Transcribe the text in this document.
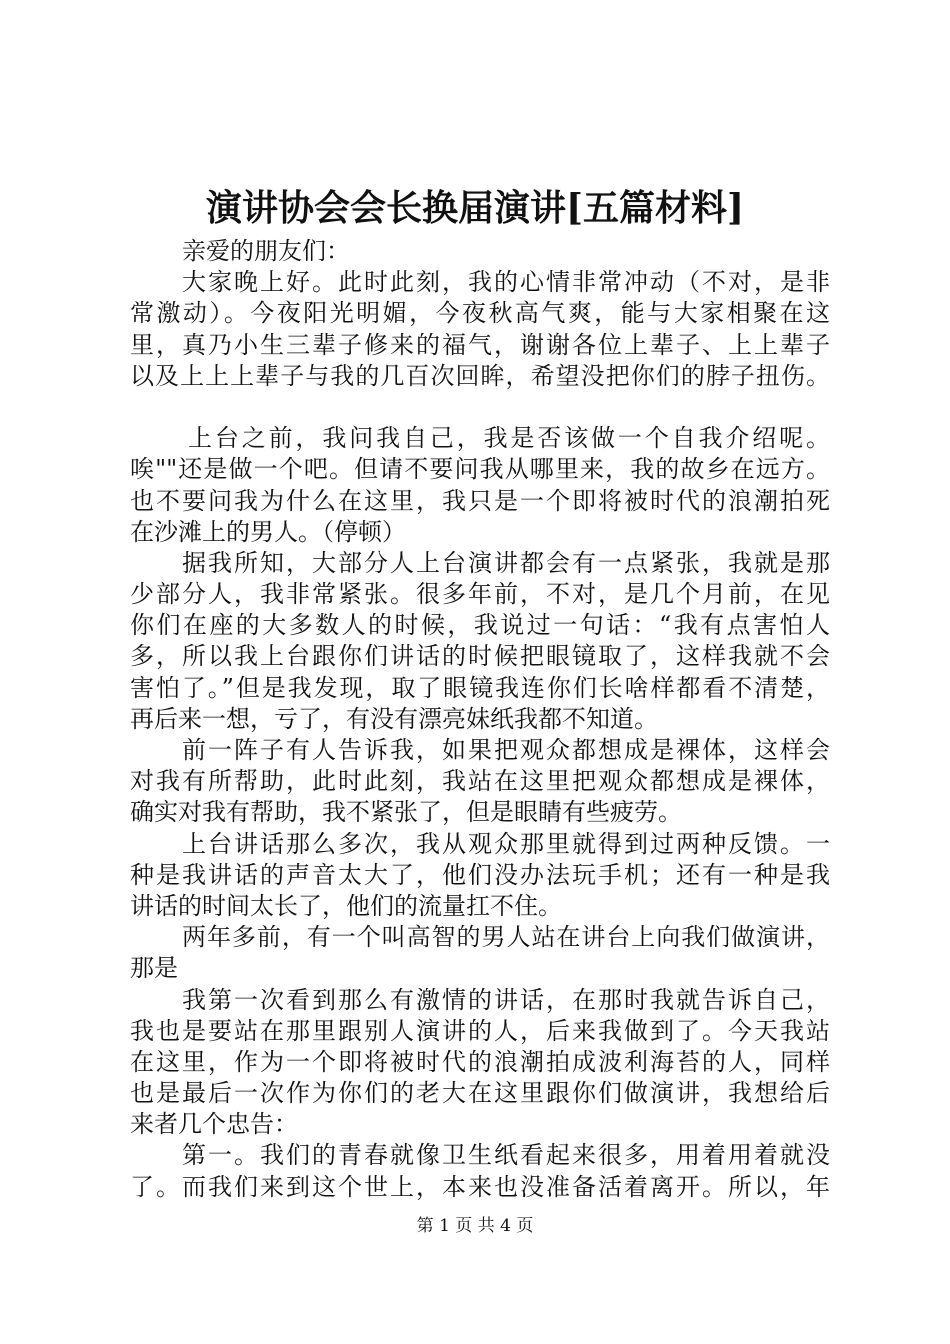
演讲协会会长换届演讲[五篇材料]
亲爱的朋友们：
大家晚上好。此时此刻，我的心情非常冲动（不对，是非
常激动）。今夜阳光明媚，今夜秋高气爽，能与大家相聚在这
里，真乃小生三辈子修来的福气，谢谢各位上辈子、上上辈子
以及上上上辈子与我的几百次回眸，希望没把你们的脖子扭伤。
上台之前，我问我自己，我是否该做一个自我介绍呢。
唉""还是做一个吧。但请不要问我从哪里来，我的故乡在远方。
也不要问我为什么在这里，我只是一个即将被时代的浪潮拍死
在沙滩上的男人。（停顿）
据我所知，大部分人上台演讲都会有一点紧张，我就是那
少部分人，我非常紧张。很多年前，不对，是几个月前，在见
你们在座的大多数人的时候，我说过一句话：“我有点害怕人
多，所以我上台跟你们讲话的时候把眼镜取了，这样我就不会
害怕了。”但是我发现，取了眼镜我连你们长啥样都看不清楚，
再后来一想，亏了，有没有漂亮妹纸我都不知道。
前一阵子有人告诉我，如果把观众都想成是裸体，这样会
对我有所帮助，此时此刻，我站在这里把观众都想成是裸体，
确实对我有帮助，我不紧张了，但是眼睛有些疲劳。
上台讲话那么多次，我从观众那里就得到过两种反馈。一
种是我讲话的声音太大了，他们没办法玩手机；还有一种是我
讲话的时间太长了，他们的流量扛不住。
两年多前，有一个叫高智的男人站在讲台上向我们做演讲，
那是
我第一次看到那么有激情的讲话，在那时我就告诉自己，
我也是要站在那里跟别人演讲的人，后来我做到了。今天我站
在这里，作为一个即将被时代的浪潮拍成波利海苔的人，同样
也是最后一次作为你们的老大在这里跟你们做演讲，我想给后
来者几个忠告：
第一。我们的青春就像卫生纸看起来很多，用着用着就没
了。而我们来到这个世上，本来也没准备活着离开。所以，年
第 1 页 共 4 页
